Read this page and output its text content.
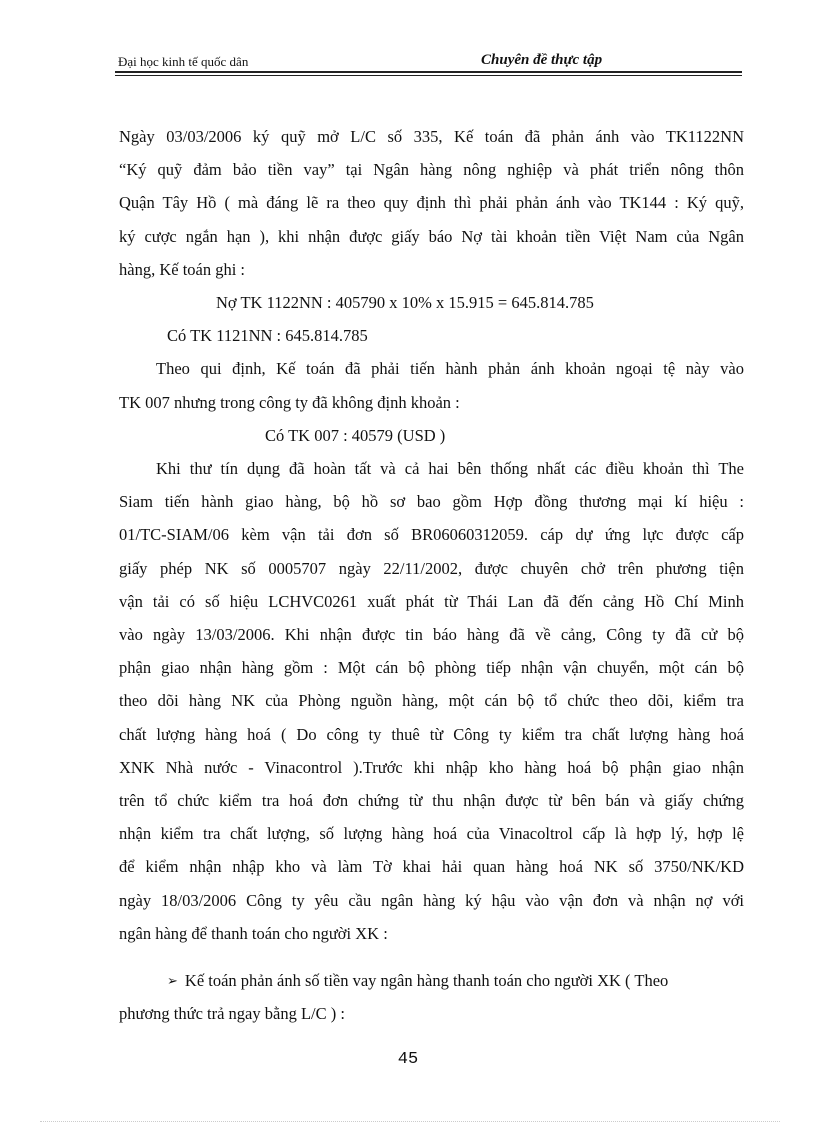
Đại học kinh tế quốc dân	Chuyên đề thực tập
Ngày 03/03/2006 ký quỹ mở L/C số 335, Kế toán đã phản ánh vào TK1122NN
“Ký quỹ đảm bảo tiền vay” tại Ngân hàng nông nghiệp và phát triển nông thôn
Quận Tây Hồ ( mà đáng lẽ ra theo quy định thì phải phản ánh vào TK144 : Ký quỹ,
ký cược ngắn hạn ), khi nhận được giấy báo Nợ tài khoản tiền Việt Nam của Ngân
hàng, Kế toán ghi :
Nợ TK 1122NN : 405790 x 10% x 15.915 = 645.814.785
Có TK 1121NN : 645.814.785
Theo qui định, Kế toán đã phải tiến hành phản ánh khoản ngoại tệ này vào
TK 007 nhưng trong công ty đã không định khoản :
Có TK 007 : 40579 (USD )
Khi thư tín dụng đã hoàn tất và cả hai bên thống nhất các điều khoản thì The
Siam tiến hành giao hàng, bộ hồ sơ bao gồm Hợp đồng thương mại kí hiệu :
01/TC-SIAM/06 kèm vận tải đơn số BR06060312059. cáp dự ứng lực được cấp
giấy phép NK số 0005707 ngày 22/11/2002, được chuyên chở trên phương tiện
vận tải có số hiệu LCHVC0261 xuất phát từ Thái Lan đã đến cảng Hồ Chí Minh
vào ngày 13/03/2006. Khi nhận được tin báo hàng đã về cảng, Công ty đã cử bộ
phận giao nhận hàng gồm : Một cán bộ phòng tiếp nhận vận chuyển, một cán bộ
theo dõi hàng NK của Phòng nguồn hàng, một cán bộ tổ chức theo dõi, kiểm tra
chất lượng hàng hoá ( Do công ty thuê từ Công ty kiểm tra chất lượng hàng hoá
XNK Nhà nước - Vinacontrol ).Trước khi nhập kho hàng hoá bộ phận giao nhận
trên tổ chức kiểm tra hoá đơn chứng từ thu nhận được từ bên bán và giấy chứng
nhận kiểm tra chất lượng, số lượng hàng hoá của Vinacoltrol cấp là hợp lý, hợp lệ
để kiểm nhận nhập kho và làm Tờ khai hải quan hàng hoá NK số 3750/NK/KD
ngày 18/03/2006 Công ty yêu cầu ngân hàng ký hậu vào vận đơn và nhận nợ với
ngân hàng để thanh toán cho người XK :
➢ Kế toán phản ánh số tiền vay ngân hàng thanh toán cho người XK ( Theo
phương thức trả ngay bằng L/C ) :
45
